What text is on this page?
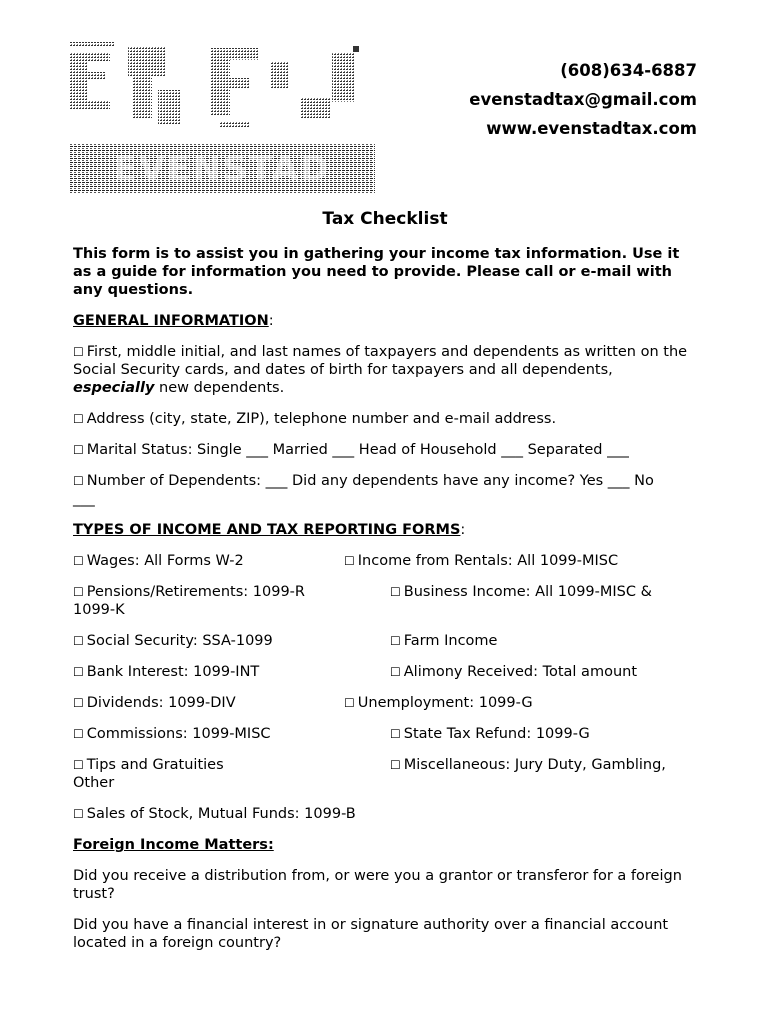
EVENSTAD
(608)634-6887
evenstadtax@gmail.com
www.evenstadtax.com
Tax Checklist
This form is to assist you in gathering your income tax information. Use it as a guide for information you need to provide. Please call or e-mail with any questions.
GENERAL INFORMATION:
☐ First, middle initial, and last names of taxpayers and dependents as written on the Social Security cards, and dates of birth for taxpayers and all dependents, especially new dependents.
☐ Address (city, state, ZIP), telephone number and e-mail address.
☐ Marital Status: Single ___ Married ___ Head of Household ___ Separated ___
☐ Number of Dependents: ___ Did any dependents have any income? Yes ___ No
___
TYPES OF INCOME AND TAX REPORTING FORMS:
☐ Wages: All Forms W-2	☐ Income from Rentals: All 1099-MISC
☐ Pensions/Retirements: 1099-R	☐ Business Income: All 1099-MISC &
1099-K
☐ Social Security: SSA-1099	☐ Farm Income
☐ Bank Interest: 1099-INT	☐ Alimony Received: Total amount
☐ Dividends: 1099-DIV	☐ Unemployment: 1099-G
☐ Commissions: 1099-MISC	☐ State Tax Refund: 1099-G
☐ Tips and Gratuities	☐ Miscellaneous: Jury Duty, Gambling,
Other
☐ Sales of Stock, Mutual Funds: 1099-B
Foreign Income Matters:
Did you receive a distribution from, or were you a grantor or transferor for a foreign trust?
Did you have a financial interest in or signature authority over a financial account located in a foreign country?
